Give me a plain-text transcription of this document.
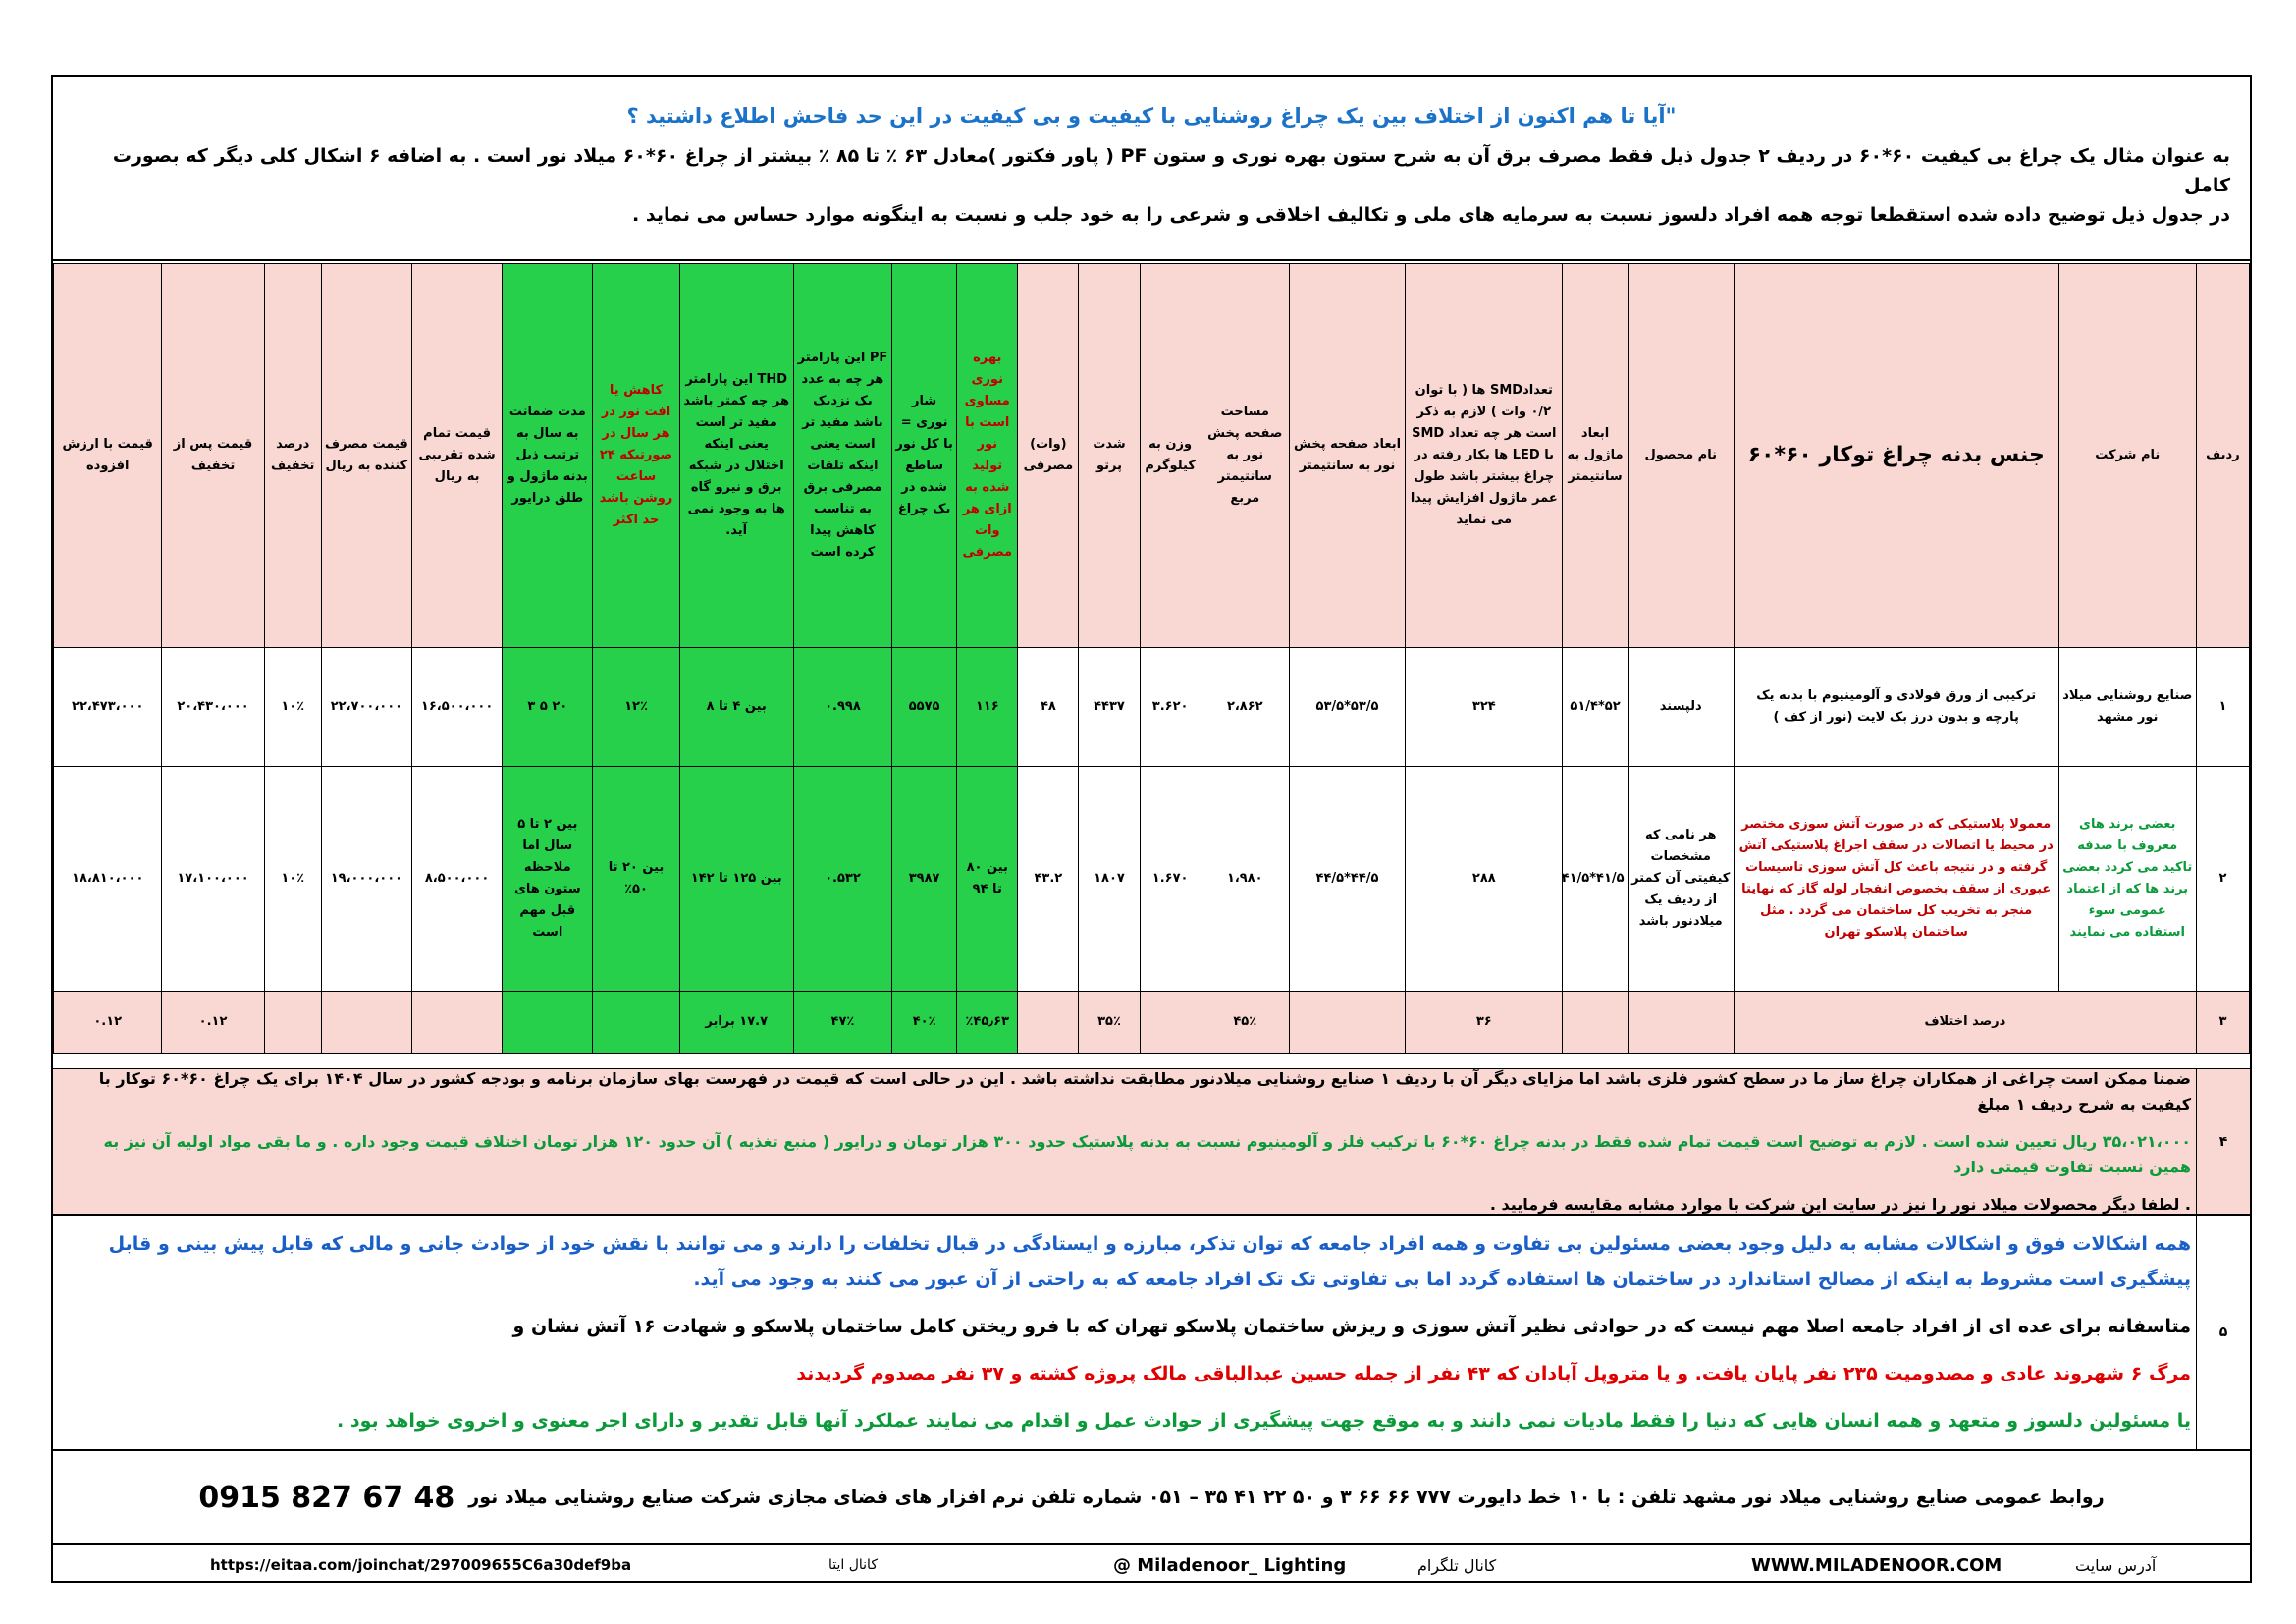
"آیا تا هم اکنون از اختلاف بین یک چراغ روشنایی با کیفیت و بی کیفیت در این حد فاحش اطلاع داشتید ؟
به عنوان مثال یک چراغ بی کیفیت ۶۰*۶۰ در ردیف ۲ جدول ذیل فقط مصرف برق آن به شرح ستون بهره نوری و ستون PF ( پاور فکتور )معادل ۶۳ ٪ تا ۸۵ ٪ بیشتر از چراغ ۶۰*۶۰ میلاد نور است . به اضافه ۶ اشکال کلی دیگر که بصورت کامل
در جدول ذیل توضیح داده شده استقطعا توجه همه افراد دلسوز نسبت به سرمایه های ملی و تکالیف اخلاقی و شرعی را به خود جلب و نسبت به اینگونه موارد حساس می نماید .
ردیف	نام شرکت	جنس بدنه چراغ توکار ۶۰*۶۰	نام محصول	ابعاد ماژول به سانتیمتر	تعدادSMD ها ( با توان ۰/۲ وات ) لازم به ذکر است هر چه تعداد SMD یا LED ها بکار رفته در چراغ بیشتر باشد طول عمر ماژول افزایش پیدا می نماید	ابعاد صفحه پخش نور به سانتیمتر	مساحت صفحه پخش نور به سانتیمتر مربع	وزن به کیلوگرم	شدت پرتو	(وات) مصرفی	بهره نوری مساوی است با نور تولید شده به ازای هر وات مصرفی	شار نوری = با کل نور ساطع شده در یک چراغ	PF این پارامتر هر چه به عدد یک نزدیک باشد مفید تر است یعنی اینکه تلفات مصرفی برق به تناسب کاهش پیدا کرده است	THD این پارامتر هر چه کمتر باشد مفید تر است یعنی اینکه اختلال در شبکه برق و نیرو گاه ها به وجود نمی آید.	کاهش یا افت نور در هر سال در صورتیکه ۲۴ ساعت روشن باشد حد اکثر	مدت ضمانت به سال به ترتیب ذیل بدنه ماژول و طلق درایور	قیمت تمام شده تقریبی به ریال	قیمت مصرف کننده به ریال	درصد تخفیف	قیمت پس از تخفیف	قیمت با ارزش افزوده
۱	صنایع روشنایی میلاد نور مشهد	ترکیبی از ورق فولادی و آلومینیوم با بدنه یک پارچه و بدون درز بک لایت (نور از کف )	دلپسند	۵۲*۵۱/۴	۳۲۴	۵۳/۵*۵۳/۵	۲،۸۶۲	۳.۶۲۰	۴۴۳۷	۴۸	۱۱۶	۵۵۷۵	۰.۹۹۸	بین ۴ تا ۸	۱۲٪	۲۰ ۵ ۳	۱۶،۵۰۰،۰۰۰	۲۲،۷۰۰،۰۰۰	۱۰٪	۲۰،۴۳۰،۰۰۰	۲۲،۴۷۳،۰۰۰
۲	بعضی برند های معروف با صدفه تاکید می کردد بعضی برند ها که از اعتماد عمومی سوء استفاده می نمایند	معمولا پلاستیکی که در صورت آتش سوزی مختصر در محیط یا اتصالات در سقف اجراغ پلاستیکی آتش گرفته و در نتیجه باعث کل آتش سوزی تاسیسات عبوری از سقف بخصوص انفجار لوله گاز که نهایتا منجر به تخریب کل ساختمان می گردد . مثل ساختمان پلاسکو تهران	هر نامی که مشخصات کیفیتی آن کمتر از ردیف یک میلادنور باشد	۴۱/۵*۴۱/۵	۲۸۸	۴۴/۵*۴۴/۵	۱،۹۸۰	۱.۶۷۰	۱۸۰۷	۴۳.۲	بین ۸۰ تا ۹۴	۳۹۸۷	۰.۵۳۲	بین ۱۲۵ تا ۱۴۲	بین ۲۰ تا ۵۰٪	بین ۲ تا ۵ سال اما ملاحظه ستون های قبل مهم است	۸،۵۰۰،۰۰۰	۱۹،۰۰۰،۰۰۰	۱۰٪	۱۷،۱۰۰،۰۰۰	۱۸،۸۱۰،۰۰۰
۳	درصد اختلاف				۳۶		۴۵٪		۳۵٪		٪۴۵٫۶۳	۴۰٪	۴۷٪	۱۷.۷ برابر						۰.۱۲	۰.۱۲
۴

ضمنا ممکن است چراغی از همکاران چراغ ساز ما در سطح کشور فلزی باشد اما مزایای دیگر آن با ردیف ۱ صنایع روشنایی میلادنور مطابقت نداشته باشد . این در حالی است که قیمت در فهرست بهای سازمان برنامه و بودجه کشور در سال ۱۴۰۴ برای یک چراغ ۶۰*۶۰ توکار با کیفیت به شرح ردیف ۱ مبلغ

۳۵،۰۲۱،۰۰۰ ریال تعیین شده است . لازم به توضیح است قیمت تمام شده فقط در بدنه چراغ ۶۰*۶۰ با ترکیب فلز و آلومینیوم نسبت به بدنه پلاستیک حدود ۳۰۰ هزار تومان و درایور ( منبع تغذیه ) آن حدود ۱۲۰ هزار تومان اختلاف قیمت وجود داره . و ما بقی مواد اولیه آن نیز به همین نسبت تفاوت قیمتی دارد

. لطفا دیگر محصولات میلاد نور را نیز در سایت این شرکت با موارد مشابه مقایسه فرمایید .

۵

همه اشکالات فوق و اشکالات مشابه به دلیل وجود بعضی مسئولین بی تفاوت و همه افراد جامعه که توان تذکر، مبارزه و ایستادگی در قبال تخلفات را دارند و می توانند با نقش خود از حوادث جانی و مالی که قابل پیش بینی و قابل پیشگیری است مشروط به اینکه از مصالح استاندارد در ساختمان ها استفاده گردد اما بی تفاوتی تک تک افراد جامعه که به راحتی از آن عبور می کنند به وجود می آید.

متاسفانه برای عده ای از افراد جامعه اصلا مهم نیست که در حوادثی نظیر آتش سوزی و ریزش ساختمان پلاسکو تهران که با فرو ریختن کامل ساختمان پلاسکو و شهادت ۱۶ آتش نشان و

مرگ ۶ شهروند عادی و مصدومیت ۲۳۵ نفر پایان یافت. و یا متروپل آبادان که ۴۳ نفر از جمله حسین عبدالباقی مالک پروژه کشته و ۳۷ نفر مصدوم گردیدند

یا مسئولین دلسوز و متعهد و همه انسان هایی که دنیا را فقط مادیات نمی دانند و به موقع جهت پیشگیری از حوادث عمل و اقدام می نمایند عملکرد آنها قابل تقدیر و دارای اجر معنوی و اخروی خواهد بود .

روابط عمومی صنایع روشنایی میلاد نور مشهد تلفن : با ۱۰ خط دایورت ۷۷۷ ۶۶ ۶۶ ۳ و ۵۰ ۲۲ ۴۱ ۳۵ – ۰۵۱ شماره تلفن نرم افزار های فضای مجازی شرکت صنایع روشنایی میلاد نور
0915 827 67 48
https://eitaa.com/joinchat/297009655C6a30def9ba	کانال ایتا	@ Miladenoor_ Lighting	کانال تلگرام	WWW.MILADENOOR.COM	آدرس سایت
